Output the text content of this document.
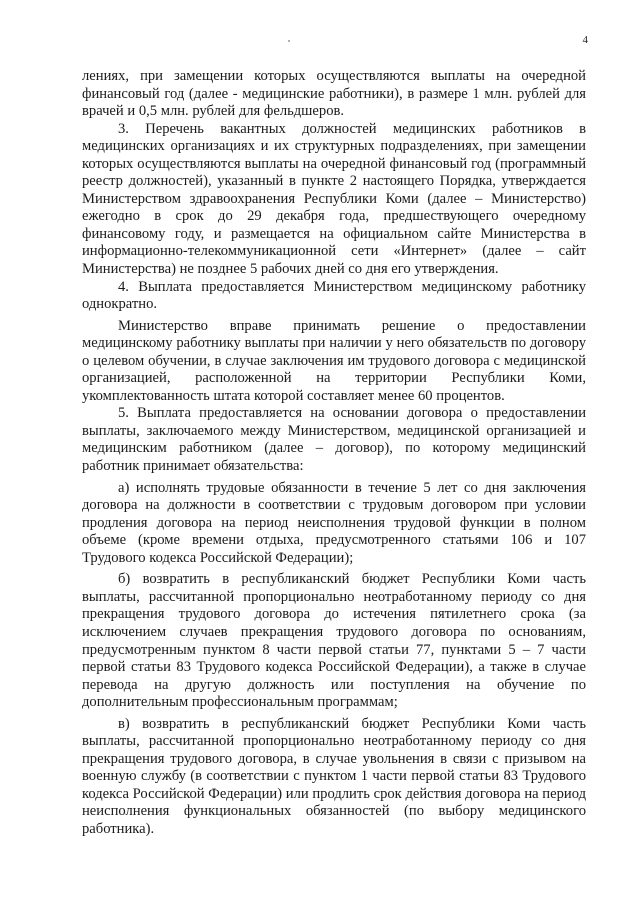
4

лениях, при замещении которых осуществляются выплаты на очередной финансовый год (далее - медицинские работники), в размере 1 млн. рублей для врачей и 0,5 млн. рублей для фельдшеров.

3. Перечень вакантных должностей медицинских работников в медицинских организациях и их структурных подразделениях, при замещении которых осуществляются выплаты на очередной финансовый год (программный реестр должностей), указанный в пункте 2 настоящего Порядка, утверждается Министерством здравоохранения Республики Коми (далее – Министерство) ежегодно в срок до 29 декабря года, предшествующего очередному финансовому году, и размещается на официальном сайте Министерства в информационно-телекоммуникационной сети «Интернет» (далее – сайт Министерства) не позднее 5 рабочих дней со дня его утверждения.

4. Выплата предоставляется Министерством медицинскому работнику однократно.

Министерство вправе принимать решение о предоставлении медицинскому работнику выплаты при наличии у него обязательств по договору о целевом обучении, в случае заключения им трудового договора с медицинской организацией, расположенной на территории Республики Коми, укомплектованность штата которой составляет менее 60 процентов.

5. Выплата предоставляется на основании договора о предоставлении выплаты, заключаемого между Министерством, медицинской организацией и медицинским работником (далее – договор), по которому медицинский работник принимает обязательства:

а) исполнять трудовые обязанности в течение 5 лет со дня заключения договора на должности в соответствии с трудовым договором при условии продления договора на период неисполнения трудовой функции в полном объеме (кроме времени отдыха, предусмотренного статьями 106 и 107 Трудового кодекса Российской Федерации);

б) возвратить в республиканский бюджет Республики Коми часть выплаты, рассчитанной пропорционально неотработанному периоду со дня прекращения трудового договора до истечения пятилетнего срока (за исключением случаев прекращения трудового договора по основаниям, предусмотренным пунктом 8 части первой статьи 77, пунктами 5 – 7 части первой статьи 83 Трудового кодекса Российской Федерации), а также в случае перевода на другую должность или поступления на обучение по дополнительным профессиональным программам;

в) возвратить в республиканский бюджет Республики Коми часть выплаты, рассчитанной пропорционально неотработанному периоду со дня прекращения трудового договора, в случае увольнения в связи с призывом на военную службу (в соответствии с пунктом 1 части первой статьи 83 Трудового кодекса Российской Федерации) или продлить срок действия договора на период неисполнения функциональных обязанностей (по выбору медицинского работника).
